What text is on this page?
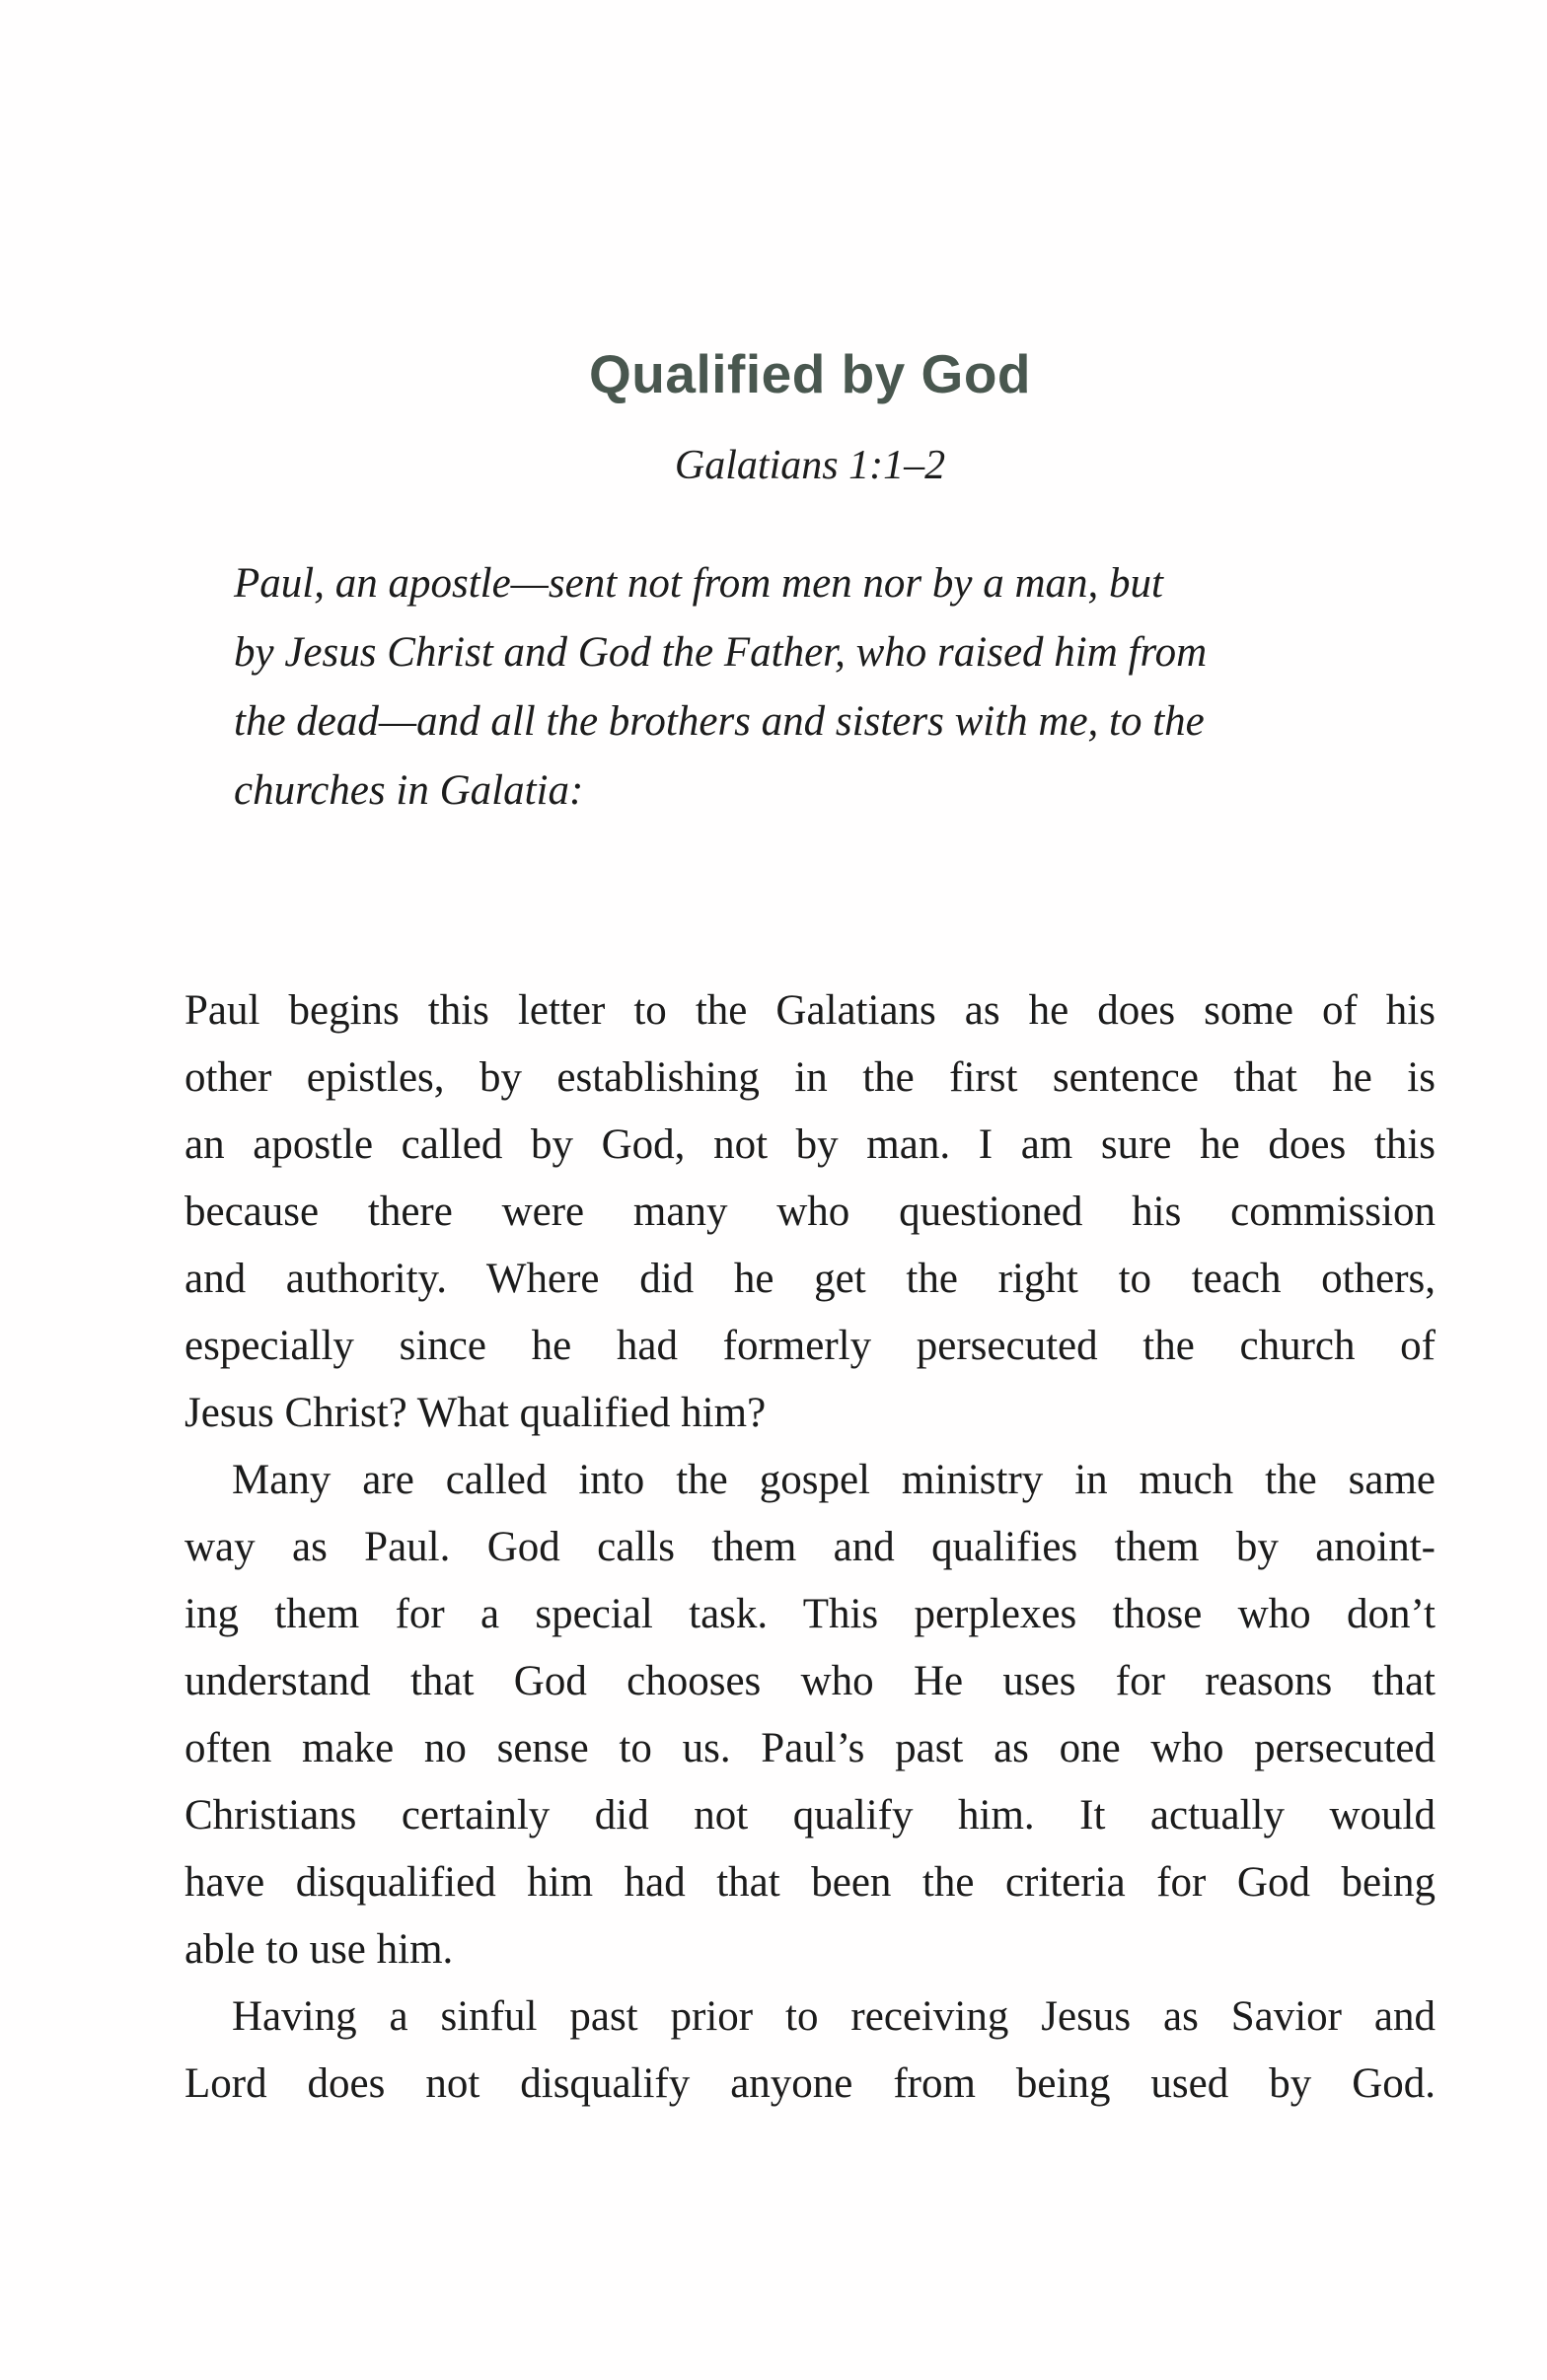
Qualified by God
Galatians 1:1–2
Paul, an apostle—sent not from men nor by a man, but
by Jesus Christ and God the Father, who raised him from
the dead—and all the brothers and sisters with me, to the
churches in Galatia:
Paul begins this letter to the Galatians as he does some of his
other epistles, by establishing in the first sentence that he is
an apostle called by God, not by man. I am sure he does this
because there were many who questioned his commission
and authority. Where did he get the right to teach others,
especially since he had formerly persecuted the church of
Jesus Christ? What qualified him?
Many are called into the gospel ministry in much the same
way as Paul. God calls them and qualifies them by anoint-
ing them for a special task. This perplexes those who don’t
understand that God chooses who He uses for reasons that
often make no sense to us. Paul’s past as one who persecuted
Christians certainly did not qualify him. It actually would
have disqualified him had that been the criteria for God being
able to use him.
Having a sinful past prior to receiving Jesus as Savior and
Lord does not disqualify anyone from being used by God.
